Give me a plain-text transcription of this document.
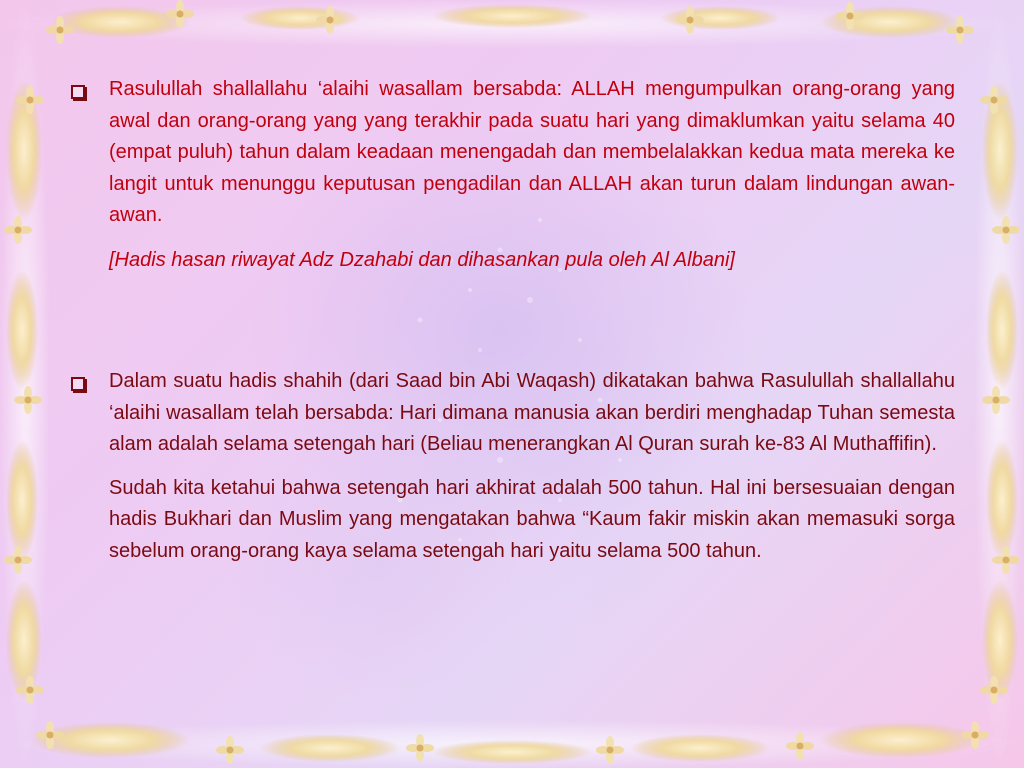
Rasulullah shallallahu ‘alaihi wasallam bersabda: ALLAH mengumpulkan orang-orang yang awal dan orang-orang yang yang terakhir pada suatu hari yang dimaklumkan yaitu selama 40 (empat puluh) tahun dalam keadaan menengadah dan membelalakkan kedua mata mereka ke langit untuk menunggu keputusan pengadilan dan ALLAH akan turun dalam lindungan awan-awan.

[Hadis hasan riwayat Adz Dzahabi dan dihasankan pula oleh Al Albani]

Dalam suatu hadis shahih (dari Saad bin Abi Waqash) dikatakan bahwa Rasulullah shallallahu ‘alaihi wasallam telah bersabda: Hari dimana manusia akan berdiri menghadap Tuhan semesta alam adalah selama setengah hari (Beliau menerangkan Al Quran surah ke-83 Al Muthaffifin).

Sudah kita ketahui bahwa setengah hari akhirat adalah 500 tahun. Hal ini bersesuaian dengan hadis Bukhari dan Muslim yang mengatakan bahwa “Kaum fakir miskin akan memasuki sorga sebelum orang-orang kaya selama setengah hari yaitu selama 500 tahun.
